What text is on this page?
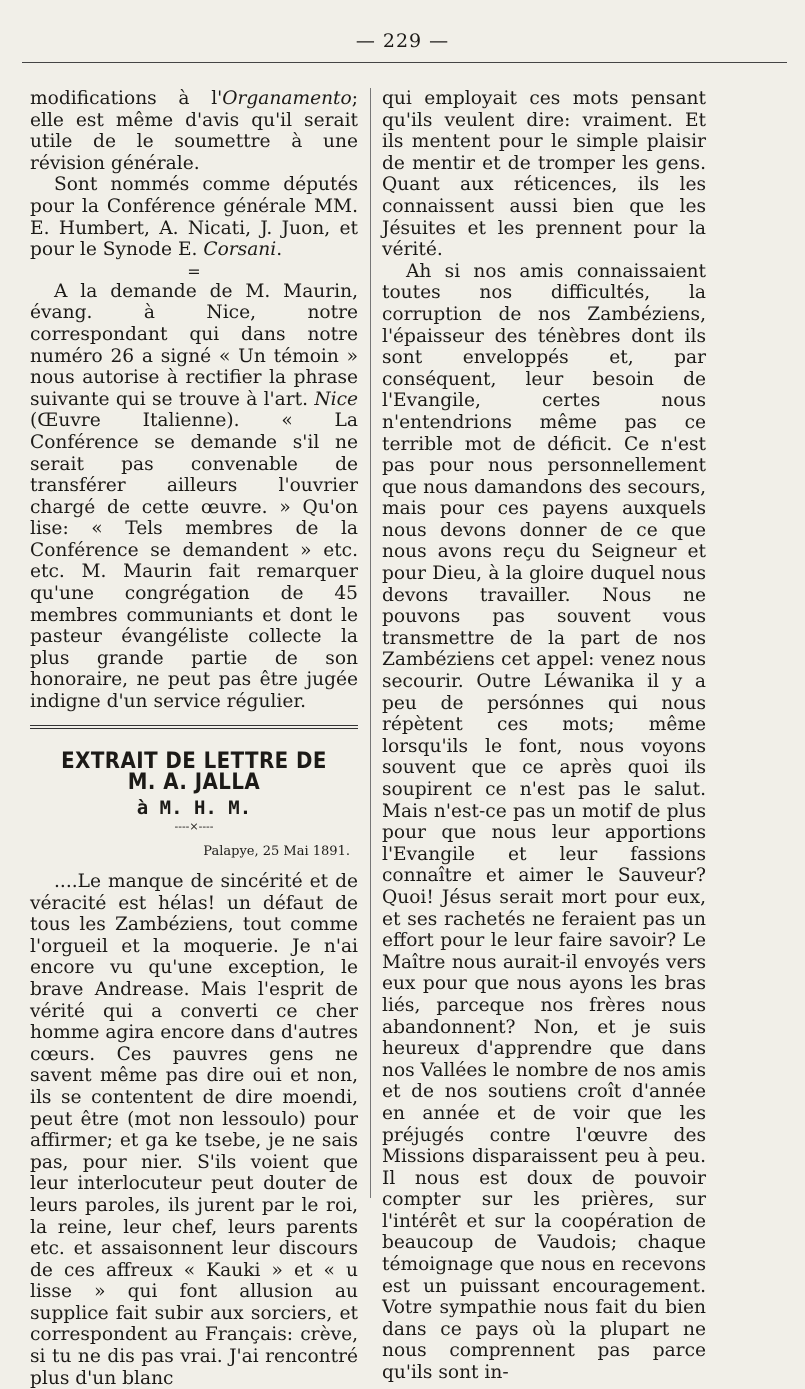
— 229 —

modifications à l'Organamento; elle est même d'avis qu'il serait utile de le soumettre à une révision générale.

Sont nommés comme députés pour la Conférence générale MM. E. Humbert, A. Nicati, J. Juon, et pour le Synode E. Corsani.

=

A la demande de M. Maurin, évang. à Nice, notre correspondant qui dans notre numéro 26 a signé « Un témoin » nous autorise à rectifier la phrase suivante qui se trouve à l'art. Nice (Œuvre Italienne). « La Conférence se demande s'il ne serait pas convenable de transférer ailleurs l'ouvrier chargé de cette œuvre. » Qu'on lise: « Tels membres de la Conférence se demandent » etc. etc. M. Maurin fait remarquer qu'une congrégation de 45 membres communiants et dont le pasteur évangéliste collecte la plus grande partie de son honoraire, ne peut pas être jugée indigne d'un service régulier.

EXTRAIT DE LETTRE DE M. A. JALLA
à M. H. M.
----×----
Palapye, 25 Mai 1891.

....Le manque de sincérité et de véracité est hélas! un défaut de tous les Zambéziens, tout comme l'orgueil et la moquerie. Je n'ai encore vu qu'une exception, le brave Andrease. Mais l'esprit de vérité qui a converti ce cher homme agira encore dans d'autres cœurs. Ces pauvres gens ne savent même pas dire oui et non, ils se contentent de dire moendi, peut être (mot non lessoulo) pour affirmer; et ga ke tsebe, je ne sais pas, pour nier. S'ils voient que leur interlocuteur peut douter de leurs paroles, ils jurent par le roi, la reine, leur chef, leurs parents etc. et assaisonnent leur discours de ces affreux « Kauki » et « u lisse » qui font allusion au supplice fait subir aux sorciers, et correspondent au Français: crève, si tu ne dis pas vrai. J'ai rencontré plus d'un blanc

qui employait ces mots pensant qu'ils veulent dire: vraiment. Et ils mentent pour le simple plaisir de mentir et de tromper les gens. Quant aux réticences, ils les connaissent aussi bien que les Jésuites et les prennent pour la vérité.

Ah si nos amis connaissaient toutes nos difficultés, la corruption de nos Zambéziens, l'épaisseur des ténèbres dont ils sont enveloppés et, par conséquent, leur besoin de l'Evangile, certes nous n'entendrions même pas ce terrible mot de déficit. Ce n'est pas pour nous personnellement que nous damandons des secours, mais pour ces payens auxquels nous devons donner de ce que nous avons reçu du Seigneur et pour Dieu, à la gloire duquel nous devons travailler. Nous ne pouvons pas souvent vous transmettre de la part de nos Zambéziens cet appel: venez nous secourir. Outre Léwanika il y a peu de persónnes qui nous répètent ces mots; même lorsqu'ils le font, nous voyons souvent que ce après quoi ils soupirent ce n'est pas le salut. Mais n'est-ce pas un motif de plus pour que nous leur apportions l'Evangile et leur fassions connaître et aimer le Sauveur? Quoi! Jésus serait mort pour eux, et ses rachetés ne feraient pas un effort pour le leur faire savoir? Le Maître nous aurait-il envoyés vers eux pour que nous ayons les bras liés, parceque nos frères nous abandonnent? Non, et je suis heureux d'apprendre que dans nos Vallées le nombre de nos amis et de nos soutiens croît d'année en année et de voir que les préjugés contre l'œuvre des Missions disparaissent peu à peu. Il nous est doux de pouvoir compter sur les prières, sur l'intérêt et sur la coopération de beaucoup de Vaudois; chaque témoignage que nous en recevons est un puissant encouragement. Votre sympathie nous fait du bien dans ce pays où la plupart ne nous comprennent pas parce qu'ils sont in-
